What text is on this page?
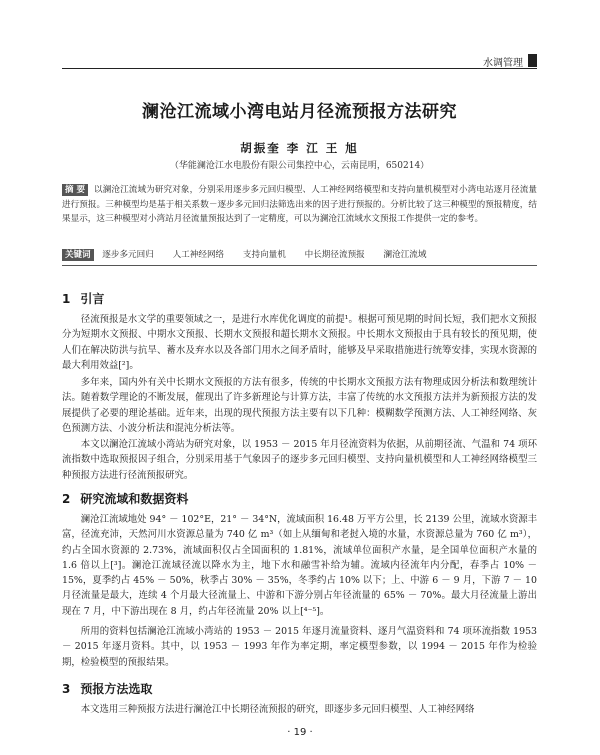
水调管理
澜沧江流域小湾电站月径流预报方法研究
胡振奎 李 江 王 旭
（华能澜沧江水电股份有限公司集控中心，云南昆明，650214）
摘 要 以澜沧江流域为研究对象，分别采用逐步多元回归模型、人工神经网络模型和支持向量机模型对小湾电站逐月径流量进行预报。三种模型均是基于相关系数－逐步多元回归法筛选出来的因子进行预报的。分析比较了这三种模型的预报精度，结果显示，这三种模型对小湾站月径流量预报达到了一定精度，可以为澜沧江流域水文预报工作提供一定的参考。
关键词 逐步多元回归 人工神经网络 支持向量机 中长期径流预报 澜沧江流域
1 引言
径流预报是水文学的重要领域之一，是进行水库优化调度的前提¹。根据可预见期的时间长短，我们把水文预报分为短期水文预报、中期水文预报、长期水文预报和超长期水文预报。中长期水文预报由于具有较长的预见期，使人们在解决防洪与抗旱、蓄水及弃水以及各部门用水之间矛盾时，能够及早采取措施进行统筹安排，实现水资源的最大利用效益[²]。
多年来，国内外有关中长期水文预报的方法有很多，传统的中长期水文预报方法有物理成因分析法和数理统计法。随着数学理论的不断发展，催现出了许多新理论与计算方法，丰富了传统的水文预报方法并为新预报方法的发展提供了必要的理论基础。近年来，出现的现代预报方法主要有以下几种：模糊数学预测方法、人工神经网络、灰色预测方法、小波分析法和混沌分析法等。
本文以澜沧江流域小湾站为研究对象，以 1953 － 2015 年月径流资料为依据，从前期径流、气温和 74 项环流指数中选取预报因子组合，分别采用基于气象因子的逐步多元回归模型、支持向量机模型和人工神经网络模型三种预报方法进行径流预报研究。
2 研究流域和数据资料
澜沧江流域地处 94° － 102°E，21° － 34°N，流域面积 16.48 万平方公里，长 2139 公里，流域水资源丰富，径流充沛，天然河川水资源总量为 740 亿 m³（如上从缅甸和老挝入境的水量，水资源总量为 760 亿 m³），约占全国水资源的 2.73%，流域面积仅占全国面积的 1.81%，流域单位面积产水量，是全国单位面积产水量的 1.6 倍以上[³]。澜沧江流域径流以降水为主，地下水和融雪补给为辅。流域内径流年内分配，春季占 10% － 15%，夏季约占 45% － 50%，秋季占 30% － 35%，冬季约占 10% 以下；上、中游 6 － 9 月，下游 7 － 10 月径流量是最大，连续 4 个月最大径流量上、中游和下游分别占年径流量的 65% － 70%。最大月径流量上游出现在 7 月，中下游出现在 8 月，约占年径流量 20% 以上[⁴⁻⁵]。
所用的资料包括澜沧江流域小湾站的 1953 － 2015 年逐月流量资料、逐月气温资料和 74 项环流指数 1953 － 2015 年逐月资料。其中，以 1953 － 1993 年作为率定期，率定模型参数，以 1994 － 2015 年作为检验期，检验模型的预报结果。
3 预报方法选取
本文选用三种预报方法进行澜沧江中长期径流预报的研究，即逐步多元回归模型、人工神经网络
· 19 ·
